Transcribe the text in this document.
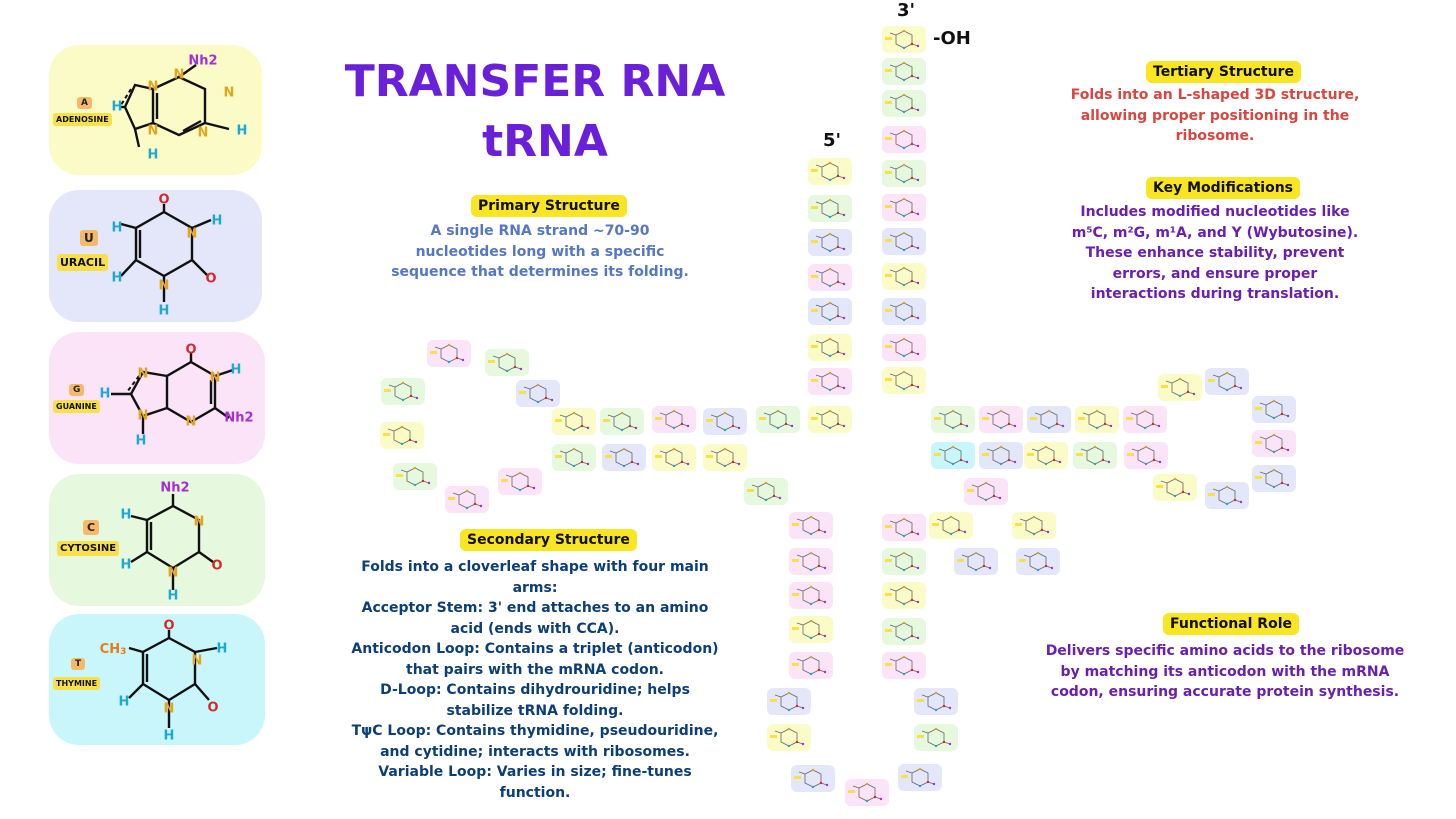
Nh2
N	N
N	N
N
H
H
H
A
ADENOSINE
O
O
N
N
H
H
H
H
U
URACIL
O
Nh2
N	N
N	N
H
H
H
G
GUANINE
Nh2
O
N
N
H
H
H
C
CYTOSINE
$CH_3$
O
O
N
N
H
H
H
T
THYMINE
TRANSFER RNA
tRNA
Primary Structure
A single RNA strand ~70-90
nucleotides long with a specific
sequence that determines its folding.
Secondary Structure
Folds into a cloverleaf shape with four main
arms:
Acceptor Stem: 3' end attaches to an amino
acid (ends with CCA).
Anticodon Loop: Contains a triplet (anticodon)
that pairs with the mRNA codon.
D-Loop: Contains dihydrouridine; helps
stabilize tRNA folding.
TψC Loop: Contains thymidine, pseudouridine,
and cytidine; interacts with ribosomes.
Variable Loop: Varies in size; fine-tunes
function.
Tertiary Structure
Folds into an L-shaped 3D structure,
allowing proper positioning in the
ribosome.
Key Modifications
Includes modified nucleotides like
m⁵C, m²G, m¹A, and Y (Wybutosine).
These enhance stability, prevent
errors, and ensure proper
interactions during translation.
Functional Role
Delivers specific amino acids to the ribosome
by matching its anticodon with the mRNA
codon, ensuring accurate protein synthesis.
3'
-OH
5'
